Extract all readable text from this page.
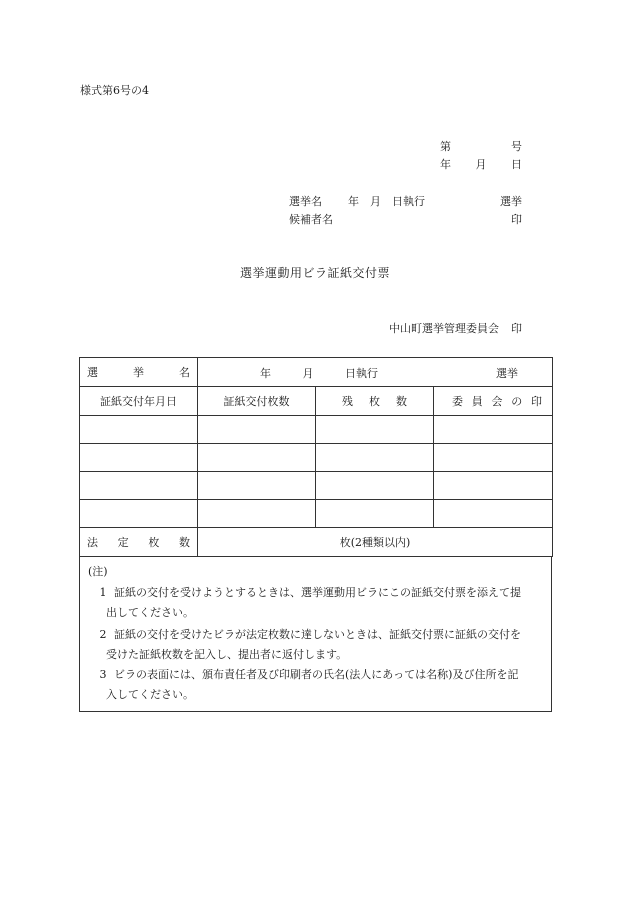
様式第6号の4
第	号
年 月 日
選挙名 年　月　日執行	選挙
候補者名	印
選挙運動用ビラ証紙交付票
中山町選挙管理委員会 印
選 挙 名	年 月 日執行 選挙		

証紙交付年月日	証紙交付枚数	残 枚 数	委 員 会 の 印

法 定 枚 数	枚(2種類以内)		
(注)
1 証紙の交付を受けようとするときは、選挙運動用ビラにこの証紙交付票を添えて提
出してください。
2 証紙の交付を受けたビラが法定枚数に達しないときは、証紙交付票に証紙の交付を
受けた証紙枚数を記入し、提出者に返付します。
3 ビラの表面には、頒布責任者及び印刷者の氏名(法人にあっては名称)及び住所を記
入してください。
